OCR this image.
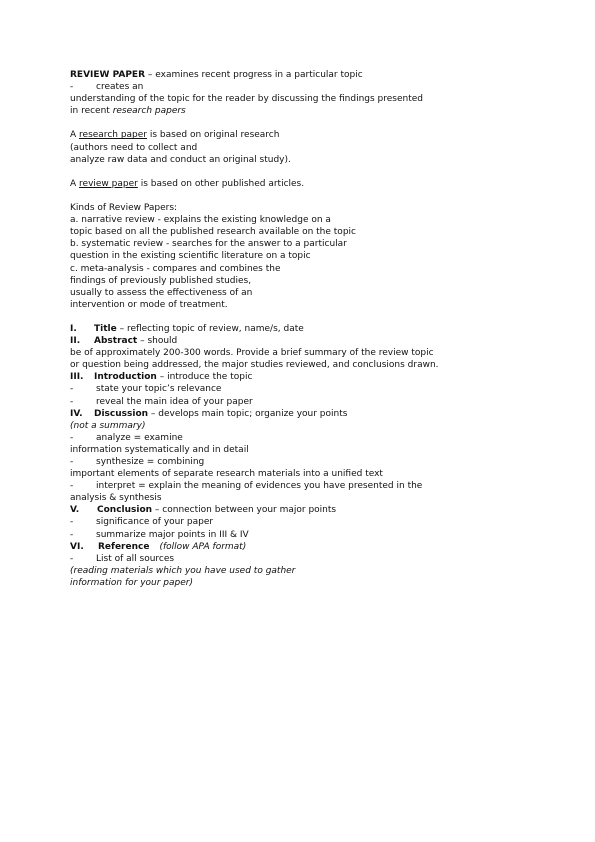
REVIEW PAPER – examines recent progress in a particular topic
-	creates an
understanding of the topic for the reader by discussing the findings presented
in recent research papers
A research paper is based on original research
(authors need to collect and
analyze raw data and conduct an original study).
A review paper is based on other published articles.
Kinds of Review Papers:
a. narrative review - explains the existing knowledge on a
topic based on all the published research available on the topic
b. systematic review - searches for the answer to a particular
question in the existing scientific literature on a topic
c. meta-analysis - compares and combines the
findings of previously published studies,
usually to assess the effectiveness of an
intervention or mode of treatment.
I. Title – reflecting topic of review, name/s, date
II. Abstract – should
be of approximately 200-300 words. Provide a brief summary of the review topic
or question being addressed, the major studies reviewed, and conclusions drawn.
III. Introduction – introduce the topic
-	state your topic’s relevance
-	reveal the main idea of your paper
IV. Discussion – develops main topic; organize your points
(not a summary)
-	analyze = examine
information systematically and in detail
-	synthesize = combining
important elements of separate research materials into a unified text
-	interpret = explain the meaning of evidences you have presented in the
analysis & synthesis
V. Conclusion – connection between your major points
-	significance of your paper
-	summarize major points in III & IV
VI. Reference (follow APA format)
-	List of all sources
(reading materials which you have used to gather
information for your paper)
